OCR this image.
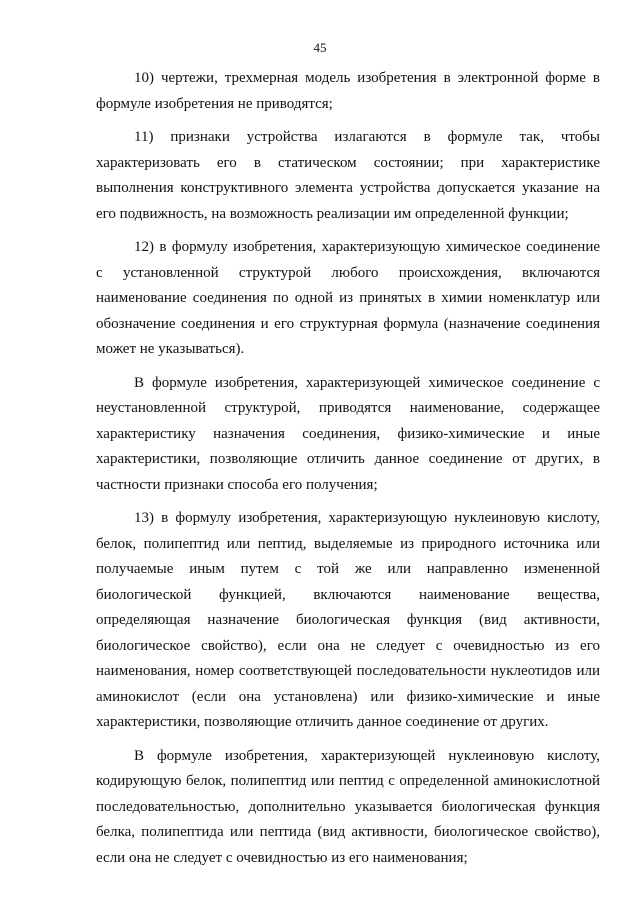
45

10) чертежи, трехмерная модель изобретения в электронной форме в формуле изобретения не приводятся;

11) признаки устройства излагаются в формуле так, чтобы характеризовать его в статическом состоянии; при характеристике выполнения конструктивного элемента устройства допускается указание на его подвижность, на возможность реализации им определенной функции;

12) в формулу изобретения, характеризующую химическое соединение с установленной структурой любого происхождения, включаются наименование соединения по одной из принятых в химии номенклатур или обозначение соединения и его структурная формула (назначение соединения может не указываться).

В формуле изобретения, характеризующей химическое соединение с неустановленной структурой, приводятся наименование, содержащее характеристику назначения соединения, физико-химические и иные характеристики, позволяющие отличить данное соединение от других, в частности признаки способа его получения;

13) в формулу изобретения, характеризующую нуклеиновую кислоту, белок, полипептид или пептид, выделяемые из природного источника или получаемые иным путем с той же или направленно измененной биологической функцией, включаются наименование вещества, определяющая назначение биологическая функция (вид активности, биологическое свойство), если она не следует с очевидностью из его наименования, номер соответствующей последовательности нуклеотидов или аминокислот (если она установлена) или физико-химические и иные характеристики, позволяющие отличить данное соединение от других.

В формуле изобретения, характеризующей нуклеиновую кислоту, кодирующую белок, полипептид или пептид с определенной аминокислотной последовательностью, дополнительно указывается биологическая функция белка, полипептида или пептида (вид активности, биологическое свойство), если она не следует с очевидностью из его наименования;
